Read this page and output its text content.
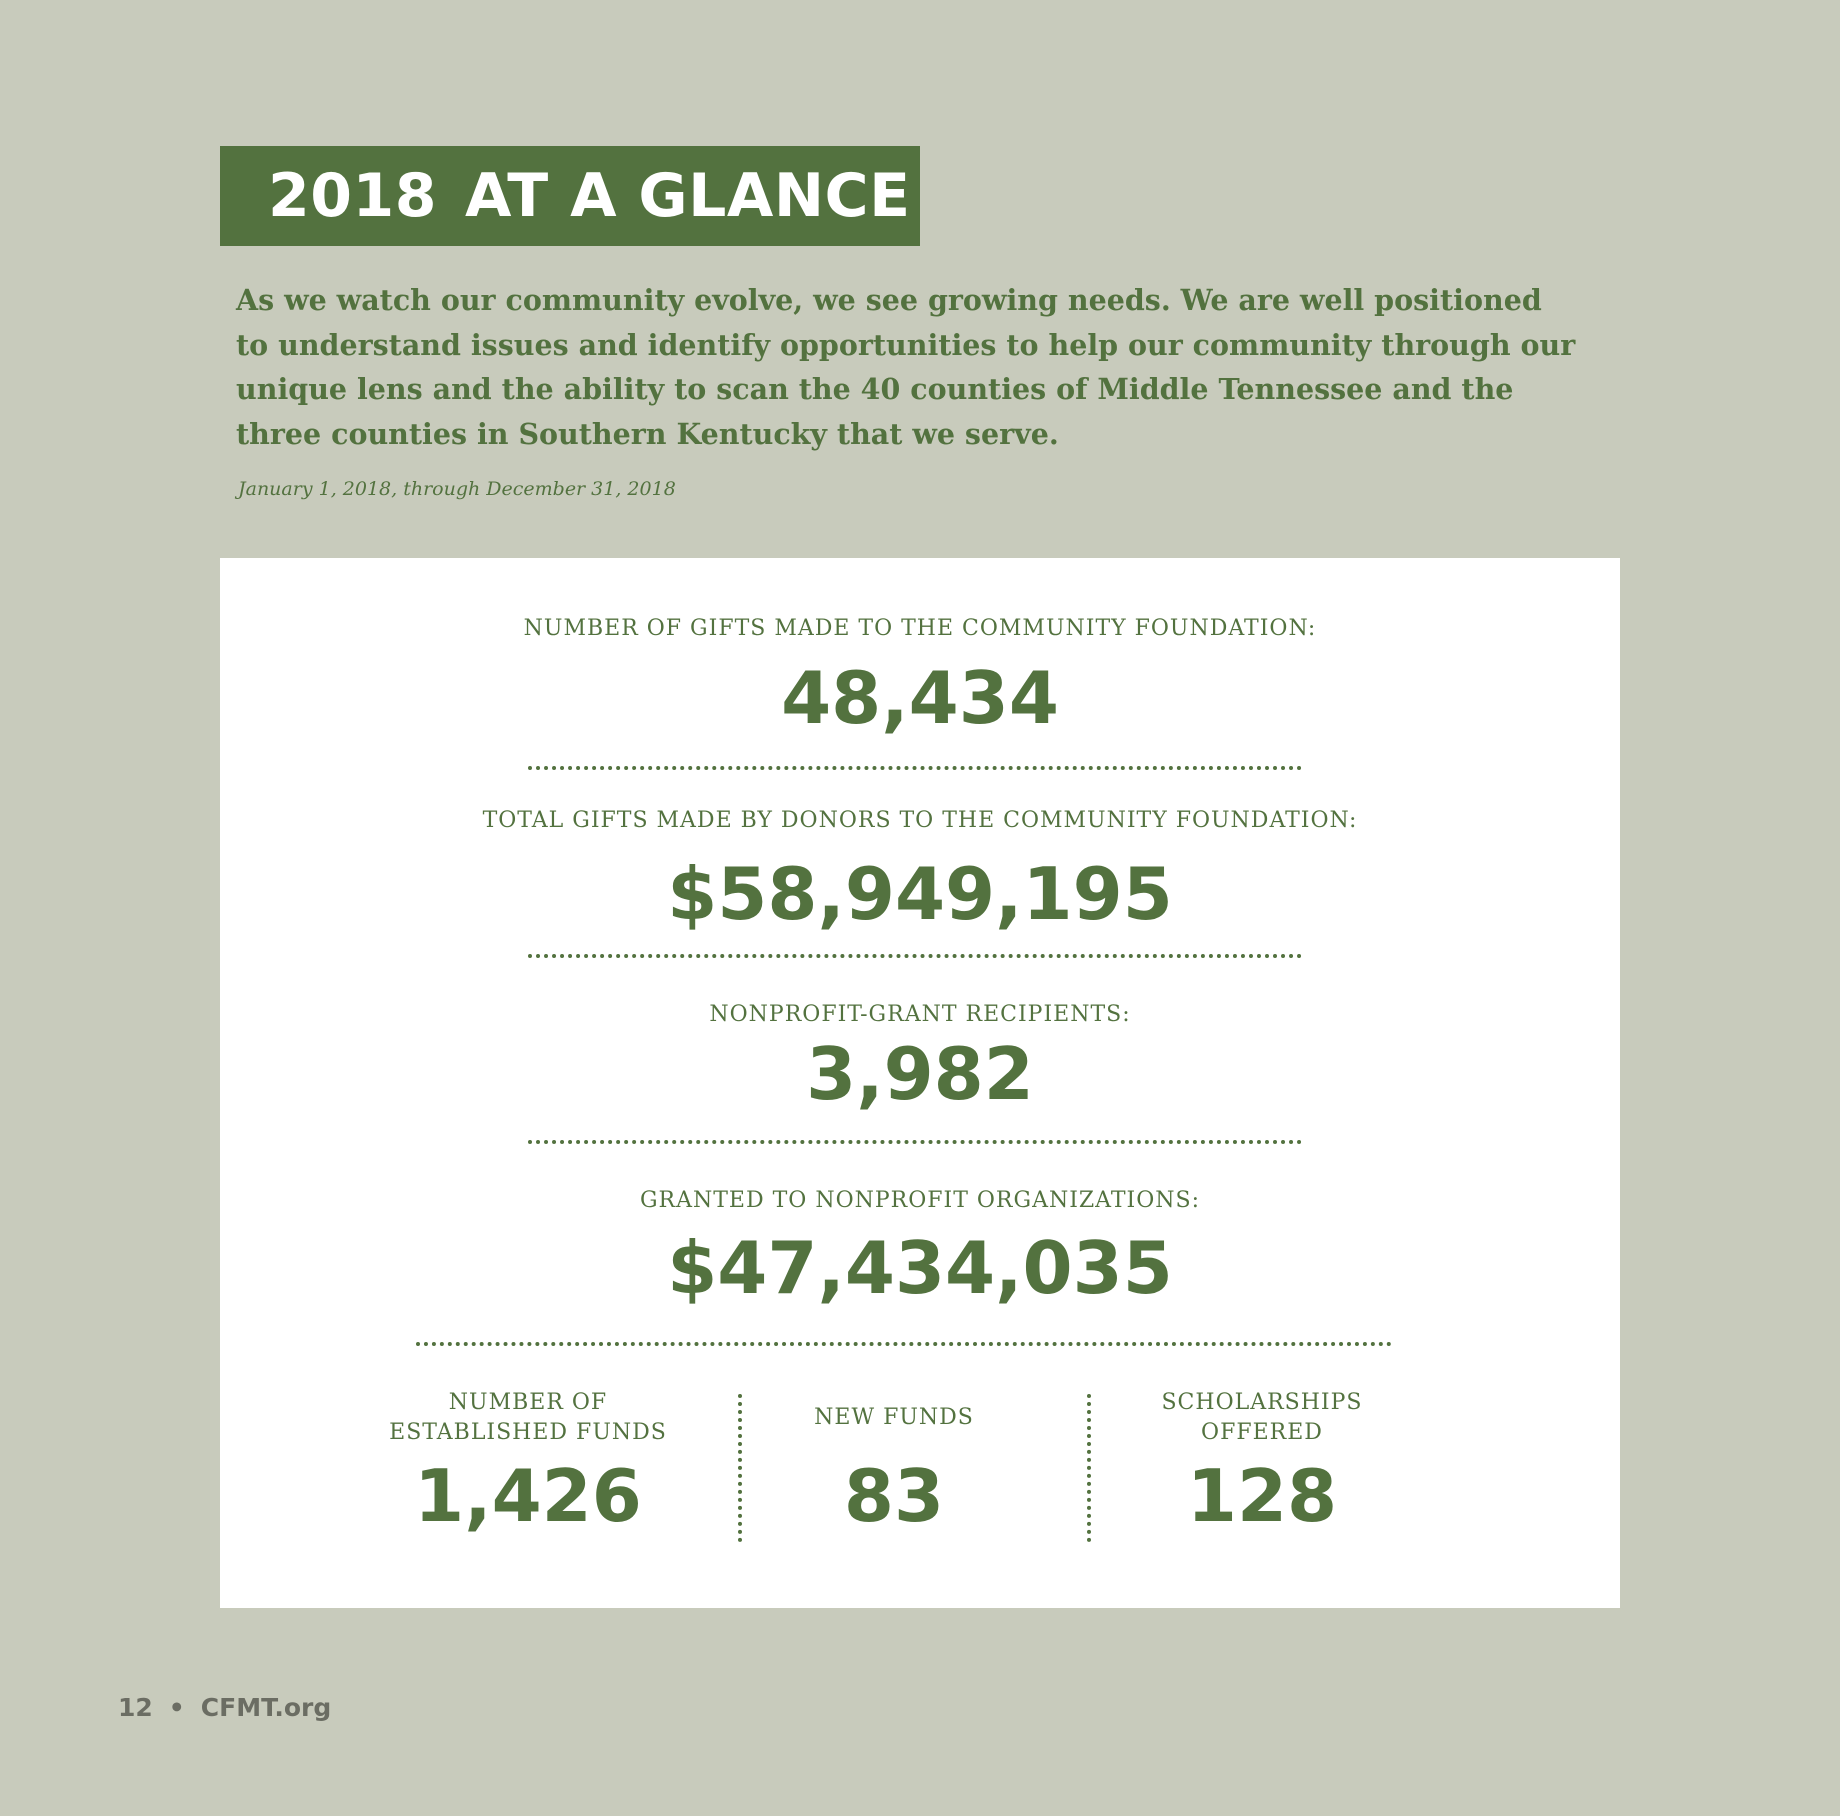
2018 AT A GLANCE
As we watch our community evolve, we see growing needs. We are well positioned to understand issues and identify opportunities to help our community through our unique lens and the ability to scan the 40 counties of Middle Tennessee and the three counties in Southern Kentucky that we serve.
January 1, 2018, through December 31, 2018
NUMBER OF GIFTS MADE TO THE COMMUNITY FOUNDATION:
48,434
TOTAL GIFTS MADE BY DONORS TO THE COMMUNITY FOUNDATION:
$58,949,195
NONPROFIT-GRANT RECIPIENTS:
3,982
GRANTED TO NONPROFIT ORGANIZATIONS:
$47,434,035
NUMBER OF
ESTABLISHED FUNDS
1,426
NEW FUNDS
83
SCHOLARSHIPS
OFFERED
128
12 • CFMT.org
